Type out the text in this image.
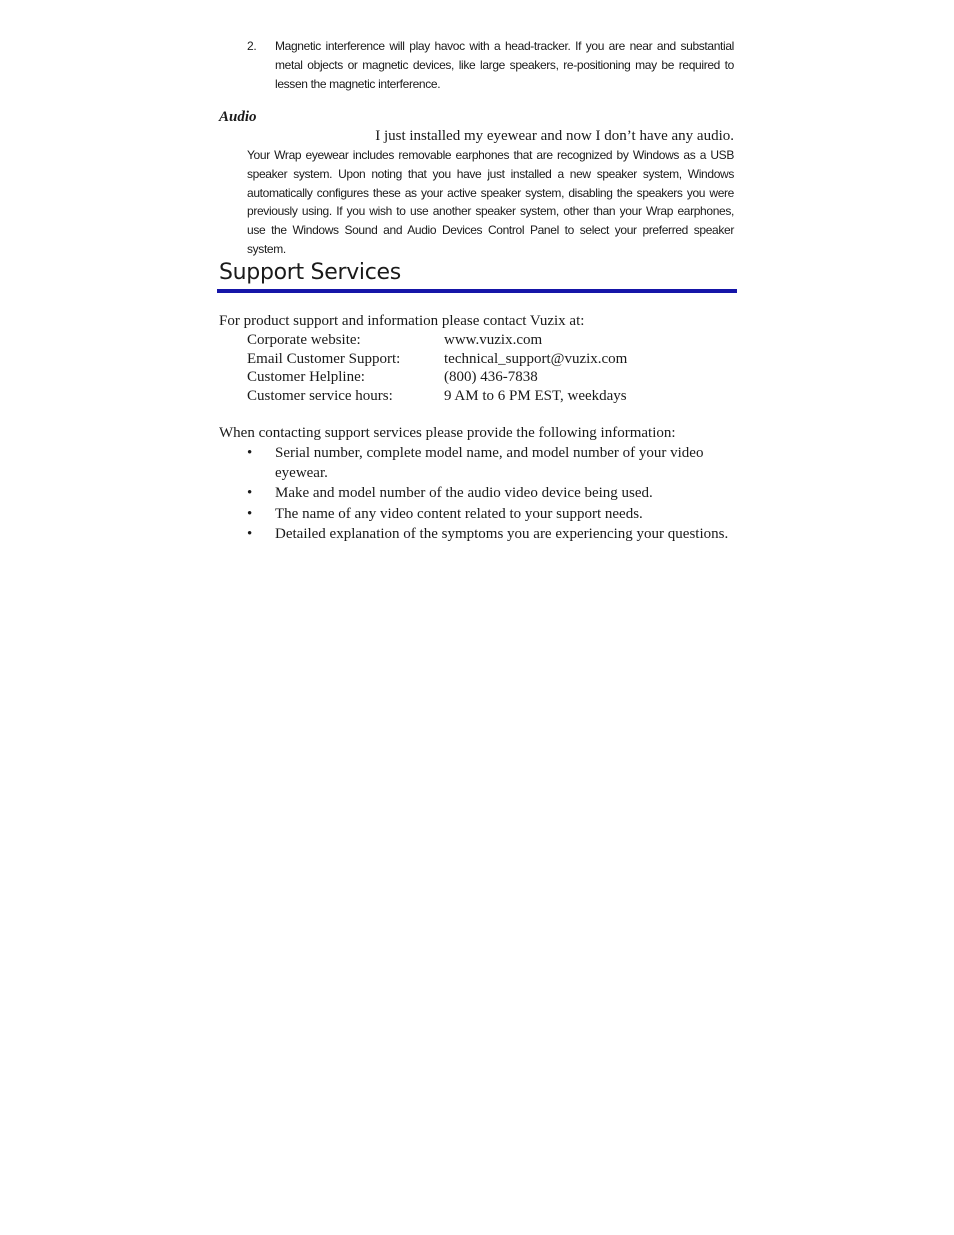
2. Magnetic interference will play havoc with a head-tracker. If you are near and substantial metal objects or magnetic devices, like large speakers, re-positioning may be required to lessen the magnetic interference.
Audio
I just installed my eyewear and now I don’t have any audio.
Your Wrap eyewear includes removable earphones that are recognized by Windows as a USB speaker system. Upon noting that you have just installed a new speaker system, Windows automatically configures these as your active speaker system, disabling the speakers you were previously using. If you wish to use another speaker system, other than your Wrap earphones, use the Windows Sound and Audio Devices Control Panel to select your preferred speaker system.
Support Services
For product support and information please contact Vuzix at:
Corporate website:	www.vuzix.com
Email Customer Support:	technical_support@vuzix.com
Customer Helpline:	(800) 436-7838
Customer service hours:	9 AM to 6 PM EST, weekdays
When contacting support services please provide the following information:
• Serial number, complete model name, and model number of your video eyewear.
• Make and model number of the audio video device being used.
• The name of any video content related to your support needs.
• Detailed explanation of the symptoms you are experiencing your questions.
